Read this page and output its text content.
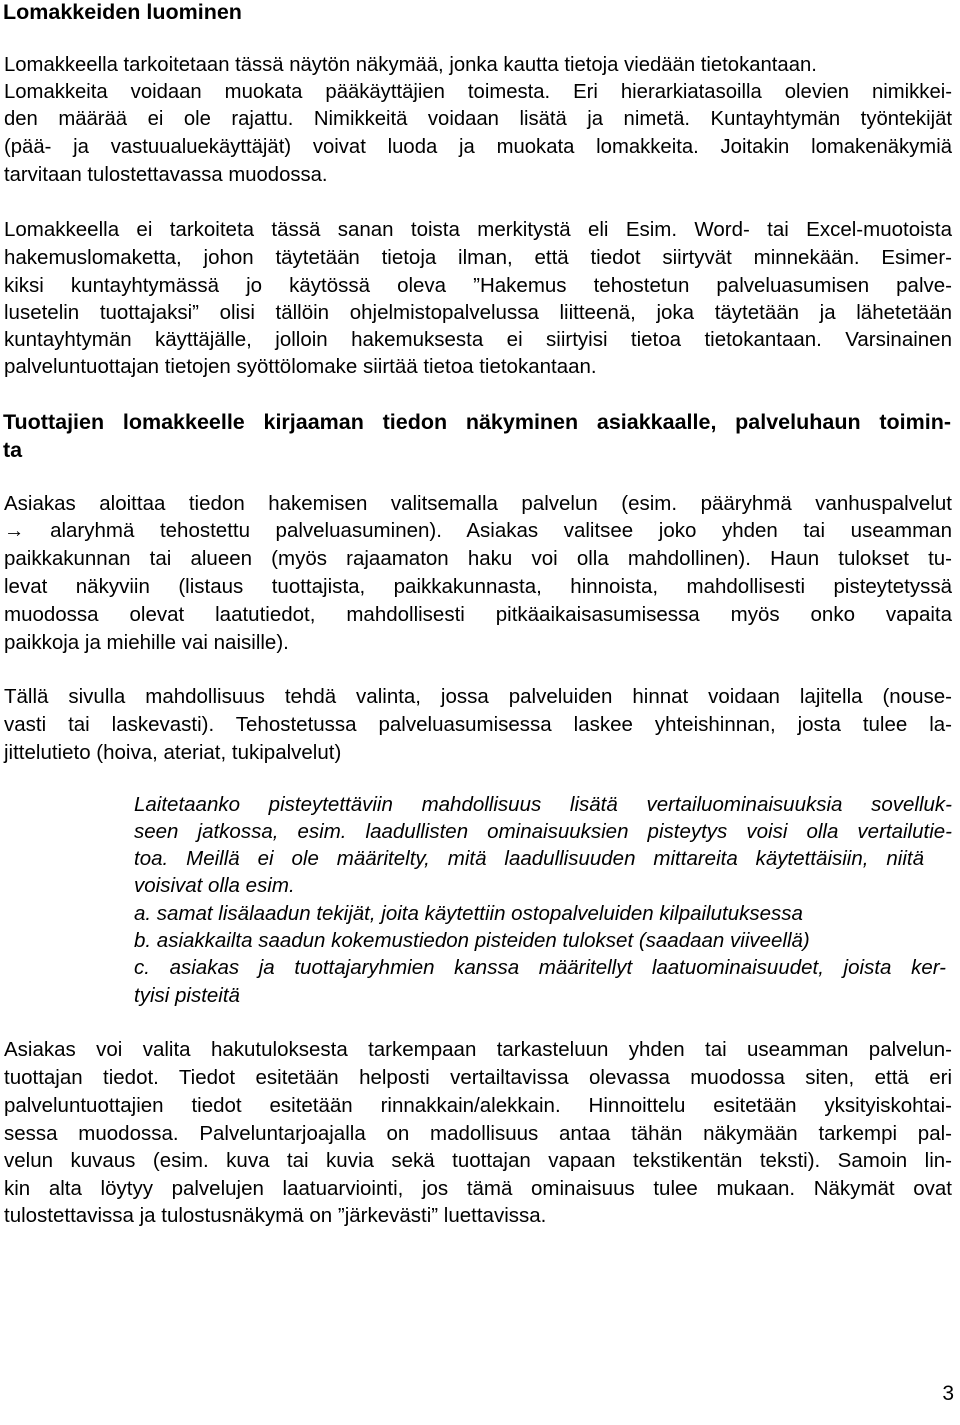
Lomakkeiden luominen
Lomakkeella tarkoitetaan tässä näytön näkymää, jonka kautta tietoja viedään tietokantaan.
Lomakkeita voidaan muokata pääkäyttäjien toimesta. Eri hierarkiatasoilla olevien nimikkei-
den määrää ei ole rajattu. Nimikkeitä voidaan lisätä ja nimetä. Kuntayhtymän työntekijät
(pää- ja vastuualuekäyttäjät) voivat luoda ja muokata lomakkeita. Joitakin lomakenäkymiä
tarvitaan tulostettavassa muodossa.
Lomakkeella ei tarkoiteta tässä sanan toista merkitystä eli Esim. Word- tai Excel-muotoista
hakemuslomaketta, johon täytetään tietoja ilman, että tiedot siirtyvät minnekään. Esimer-
kiksi kuntayhtymässä jo käytössä oleva ”Hakemus tehostetun palveluasumisen palve-
lusetelin tuottajaksi” olisi tällöin ohjelmistopalvelussa liitteenä, joka täytetään ja lähetetään
kuntayhtymän käyttäjälle, jolloin hakemuksesta ei siirtyisi tietoa tietokantaan. Varsinainen
palveluntuottajan tietojen syöttölomake siirtää tietoa tietokantaan.
Tuottajien lomakkeelle kirjaaman tiedon näkyminen asiakkaalle, palveluhaun toimin-
ta
Asiakas aloittaa tiedon hakemisen valitsemalla palvelun (esim. pääryhmä vanhuspalvelut
→ alaryhmä tehostettu palveluasuminen). Asiakas valitsee joko yhden tai useamman
paikkakunnan tai alueen (myös rajaamaton haku voi olla mahdollinen). Haun tulokset tu-
levat näkyviin (listaus tuottajista, paikkakunnasta, hinnoista, mahdollisesti pisteytetyssä
muodossa olevat laatutiedot, mahdollisesti pitkäaikaisasumisessa myös onko vapaita
paikkoja ja miehille vai naisille).
Tällä sivulla mahdollisuus tehdä valinta, jossa palveluiden hinnat voidaan lajitella (nouse-
vasti tai laskevasti). Tehostetussa palveluasumisessa laskee yhteishinnan, josta tulee la-
jittelutieto (hoiva, ateriat, tukipalvelut)
Laitetaanko pisteytettäviin mahdollisuus lisätä vertailuominaisuuksia sovelluk-
seen jatkossa, esim. laadullisten ominaisuuksien pisteytys voisi olla vertailutie-
toa. Meillä ei ole määritelty, mitä laadullisuuden mittareita käytettäisiin, niitä
voisivat olla esim.
a. samat lisälaadun tekijät, joita käytettiin ostopalveluiden kilpailutuksessa
b. asiakkailta saadun kokemustiedon pisteiden tulokset (saadaan viiveellä)
c. asiakas ja tuottajaryhmien kanssa määritellyt laatuominaisuudet, joista ker-
tyisi pisteitä
Asiakas voi valita hakutuloksesta tarkempaan tarkasteluun yhden tai useamman palvelun-
tuottajan tiedot. Tiedot esitetään helposti vertailtavissa olevassa muodossa siten, että eri
palveluntuottajien tiedot esitetään rinnakkain/alekkain. Hinnoittelu esitetään yksityiskohtai-
sessa muodossa. Palveluntarjoajalla on madollisuus antaa tähän näkymään tarkempi pal-
velun kuvaus (esim. kuva tai kuvia sekä tuottajan vapaan tekstikentän teksti). Samoin lin-
kin alta löytyy palvelujen laatuarviointi, jos tämä ominaisuus tulee mukaan. Näkymät ovat
tulostettavissa ja tulostusnäkymä on ”järkevästi” luettavissa.
3
